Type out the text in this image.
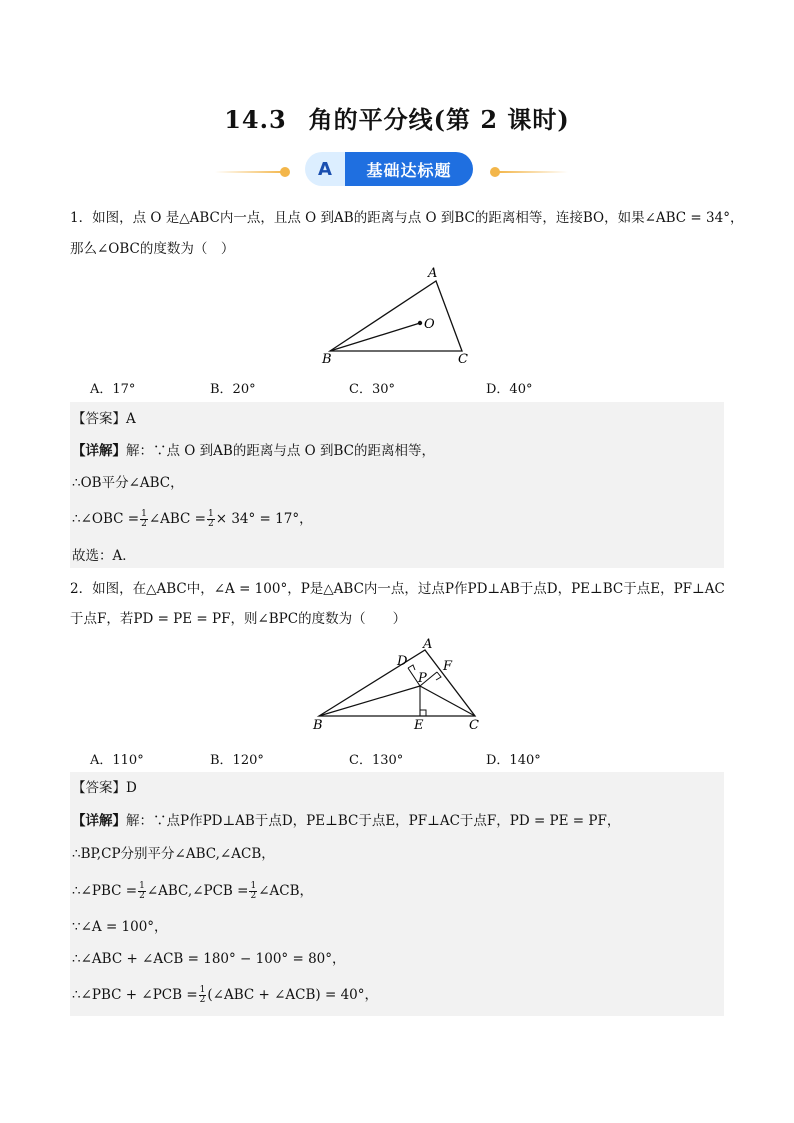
14.3 角的平分线(第 2 课时)
A	基础达标题
1．如图，点 O 是△ABC内一点，且点 O 到AB的距离与点 O 到BC的距离相等，连接BO，如果∠ABC = 34°，
那么∠OBC的度数为（　）
A
O
B	C
A．17°	B．20°	C．30°	D．40°
【答案】A
【详解】解：∵点 O 到AB的距离与点 O 到BC的距离相等，
∴OB平分∠ABC，
∴∠OBC = $\frac{1}{2}$ ∠ABC = $\frac{1}{2} \times 34^\circ = 17^\circ$，
故选：A．
2．如图，在△ABC中，∠A = 100°，P是△ABC内一点，过点P作PD⊥AB于点D，PE⊥BC于点E，PF⊥AC
于点F，若PD = PE = PF，则∠BPC的度数为（　　）
A
D	F
P
B	E	C
A．110°	B．120°	C．130°	D．140°
【答案】D
【详解】解：∵点P作PD⊥AB于点D，PE⊥BC于点E，PF⊥AC于点F，PD = PE = PF，
∴BP,CP分别平分∠ABC,∠ACB，
∴∠PBC = $\frac{1}{2}$ ∠ABC,∠PCB = $\frac{1}{2}$ ∠ACB，
∵∠A = 100°，
∴∠ABC + ∠ACB = 180° − 100° = 80°，
∴∠PBC + ∠PCB = $\frac{1}{2}$ (∠ABC + ∠ACB) = 40°，
